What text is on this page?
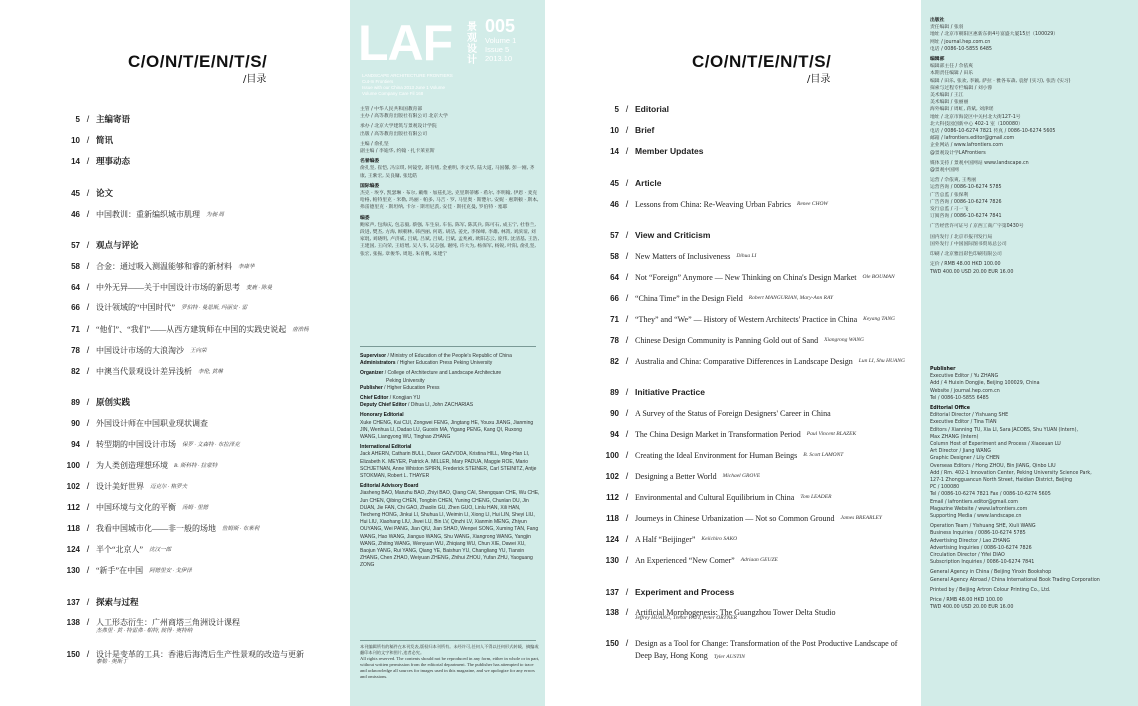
C/O/N/T/E/N/T/S/
/目录
5 / 主编寄语
10 / 简讯
14 / 理事动态
45 / 论文
46 / 中国教训：重新编织城市肌理 为昶·周
57 / 观点与评论
58 / 合金：通过吸入测温能够和睿的新材料 李康华
64 / 中外无异——关于中国设计市场的新思考 麦鹿 · 陈曼
66 / 设计领域的“中国时代” 罗伯特 · 曼恩斯, 玛丽安 · 雷
71 / “他们”、“我们”——从西方建筑师在中国的实践史说起 唐浩杨
78 / 中国设计市场的大浪淘沙 王向荣
82 / 中澳当代景观设计差异浅析 李伦, 黄琳
89 / 原创实践
90 / 外国设计师在中国职业现状调查
94 / 转型期的中国设计市场 保罗 · 文森特 · 布拉泽克
100 / 为人类创造理想环境 B. 斯科特 · 拉蒙特
102 / 设计美好世界 迈克尔 · 格罗夫
112 / 中国环境与文化的平衡 汤姆 · 里德
118 / 我看中国城市化——非一般的场地 詹姆斯 · 布莱利
124 / 半个“北京人” 沈汉一郎
130 / “新手”在中国 阿德里安 · 戈伊泽
137 / 探索与过程
138 / 人工形态衍生：广州商塔三角洲设计课程
150 / 设计是变革的工具：香港后海湾后生产性景观的改造与更新
杰弗里 · 黄 · 特雷弗 · 帕特, 彼得 · 奥特纳
泰勒 · 奥斯丁
LAF 景观设计
005
Volume 1
Issue 5
2013.10
LANDSCAPE ARCHITECTURE FRONTIERS
Cut-In Frontiers
Issue with our China 2013 June 1 Volume
Volume Company Care Fil 168

主管 / 中华人民共和国教育部
主办 / 高等教育出版社有限公司 北京大学

承办 / 北京大学建筑与景观设计学院
出版 / 高等教育出版社有限公司

主编 / 俞孔坚
副主编 / 李迪华, 约翰 · 扎卡莱亚斯

名誉编委
俞孔坚, 崔恺, 冯宗琪, 何镜堂, 蒋有绪, 金重明, 李文华, 陆大道, 马国馨, 彭一刚, 齐康, 王紫宏, 吴良镛, 张廷皓

国际编委
杰克 · 埃亨, 凯瑟琳 · 布尔, 戴维 · 加兹扎达, 克里斯蒂娜 · 希尔, 李明翰, 伊恩 · 麦克哈格, 帕特里克 · 米勒, 玛丽 · 帕多, 马吉 · 罗, 马里奥 · 斯楚尔, 安妮 · 惠斯顿 · 斯本, 弗雷德里克 · 斯坦纳, 卡尔 · 斯坦尼茨, 安佳 · 斯托克曼, 罗伯特 · 塞耶

编委
鲍家声, 包海庆, 包志毅, 蔡强, 车生泉, 车伍, 陈军, 陈其兵, 陈可石, 成玉宁, 杜春兰, 段进, 樊杰, 方海, 顾朝林, 韩西丽, 何昉, 胡洁, 姜允, 李保峰, 李雄, 林箐, 刘滨谊, 刘家琨, 刘晓明, 卢济威, 吕斌, 吕斌, 吕斌, 吕斌, 孟兆祯, 欧阳志云, 庞伟, 沈清基, 王浩, 王建国, 王向荣, 王绍增, 吴人韦, 吴志强, 谢纯, 许大为, 杨保军, 杨锐, 叶阳, 俞孔坚, 张宏, 张振, 章俊华, 周进, 朱育帆, 朱建宁

Supervisor / Ministry of Education of the People's Republic of China
Administrators / Higher Education Press Peking University

Organizer / College of Architecture and Landscape Architecture
Peking University
Publisher / Higher Education Press

Chief Editor / Kongjian YU
Deputy Chief Editor / Dihua LI, John ZACHARIAS

Honorary Editorial
Xuke CHENG, Kai CUI, Zongwei FENG, Jingtang HE, Youxu JIANG, Jianming JIN, Wenhua LI, Dadao LU, Guoxin MA, Yigang PENG, Kang QI, Ruxong WANG, Liangyong WU, Tinghao ZHANG

International Editorial
Jack AHERN, Catharin BULL, Davor GAZVODA, Kristina HILL, Ming-Han LI, Elizabeth K. MEYER, Patrick A. MILLER, Mary PADUA, Maggie ROE, Mario SCHJETNAN, Anne Whiston SPIRN, Frederick STEINER, Carl STEINITZ, Antje STOKMAN, Robert L. THAYER

Editorial Advisory Board
Jiasheng BAO, Manzhu BAO, Zhiyi BAO, Qiang CAI, Shengquan CHE, Wu CHE, Jun CHEN, Qibing CHEN, Tongbin CHEN, Yuning CHENG, Chunlan DU, Jin DUAN, Jie FAN, Chi GAO, Zhaolin GU, Zhen GUO, Linlu HAN, Xili HAN, Tiecheng HONG, Jinkui LI, Shuhua LI, Weimin LI, Xiong LI, Hui LIN, Sheyi LIU, Hui LIU, Xiaohang LIU, Jiwei LU, Bin LV, Qinzhi LV, Xianmin MENG, Zhiyun OUYANG, Wei PANG, Jian QIU, Jian SHAO, Wenpei SONG, Xuming TAN, Fang WANG, Hao WANG, Jianguo WANG, Shu WANG, Xiangrong WANG, Yangjin WANG, Zhiting WANG, Wenyuan WU, Zhiqiang WU, Chun XIE, Dawei XU, Baojun YANG, Rui YANG, Qiang YE, Baishun YU, Changliang YU, Tianxin ZHANG, Chen ZHAO, Weiyuan ZHENG, Zhihui ZHOU, Yufan ZHU, Yaoguang ZONG

本刊编辑所有的稿件在本刊发表,版权归本刊所有。未经许可,任何人不得以任何形式转载、摘编或翻印本刊的文字和图片,违者必究。
All rights reserved. The contents should not be reproduced in any form, either in whole or in part, without written permission from the editorial department. The publisher has attempted to trace and acknowledge all sources for images used in this magazine, and we apologize for any errors and omissions.
C/O/N/T/E/N/T/S/
/目录
5 / Editorial
10 / Brief
14 / Member Updates
45 / Article
46 / Lessons from China: Re-Weaving Urban Fabrics Renee CHOW
57 / View and Criticism
58 / New Matters of Inclusiveness Dihua LI
64 / Not “Foreign” Anymore — New Thinking on China's Design Market Ole BOUMAN
66 / “China Time” in the Design Field Robert MANGURIAN, Mary-Ann RAY
71 / “They” and “We” — History of Western Architects' Practice in China Keyang TANG
78 / Chinese Design Community is Panning Gold out of Sand Xiangrong WANG
82 / Australia and China: Comparative Differences in Landscape Design Lun LI, Shu HUANG
89 / Initiative Practice
90 / A Survey of the Status of Foreign Designers' Career in China
94 / The China Design Market in Transformation Period Paul Vincent BLAZEK
100 / Creating the Ideal Environment for Human Beings B. Scott LAMONT
102 / Designing a Better World Michael GROVE
112 / Environmental and Cultural Equilibrium in China Tom LEADER
118 / Journeys in Chinese Urbanization — Not so Common Ground James BREARLEY
124 / A Half “Beijinger” Keiichiro SAKO
130 / An Experienced “New Comer” Adriaan GEUZE
137 / Experiment and Process
138 / Artificial Morphogenesis: The Guangzhou Tower Delta Studio
150 / Design as a Tool for Change: Transformation of the Post Productive Landscape of
Jeffrey HUANG, Trevor PATT, Peter ORTNER
Deep Bay, Hong Kong Tyler AUSTIN

出版社
责任编辑 / 张羽
地址 / 北京市朝阳区惠新东街4号富盛大厦15层（100029）
网址 / journal.hep.com.cn
电话 / 0086-10-5855 6485

编辑部
编辑部主任 / 佘依爽
本期责任编辑 / 田乐
编辑 / 田乐, 张欢, 李颖, 萨拉 · 雅各布森, 袁舒 (实习), 张浩 (实习)
探索与过程专栏编辑 / 刘小蓉
美术编辑 / 王江
美术编辑 / 张丽丽
海外编辑 / 周虹, 蒋斌, 刘津瑶
地址 / 北京市海淀区中关村北大街127-1号
北大科技园创新中心 402-1 室（100080）
电话 / 0086-10-6274 7821 传真 / 0086-10-6274 5605
邮箱 / lafrontiers.editor@gmail.com
企业网站 / www.lafrontiers.com
@景观设计学LAFrontiers

媒体支持 / 景观中国网站 www.landscape.cn
@景观中国网

运营 / 佘依爽, 王秀丽
运营咨询 / 0086-10-6274 5785
广告总监 / 张保利
广告咨询 / 0086-10-6274 7826
发行总监 / 刁一飞
订阅咨询 / 0086-10-6274 7841

广告经营许可证号 / 京西工商广字第0430号

国内发行 / 北京市报刊发行局
国外发行 / 中国国际图书贸易总公司

印刷 / 北京雅昌彩色印刷有限公司

定价 / RMB 48.00 HKD 100.00
TWD 400.00 USD 20.00 EUR 16.00

Publisher
Executive Editor / Yu ZHANG
Add / 4 Huixin Dongjie, Beijing 100029, China
Website / journal.hep.com.cn
Tel / 0086-10-5855 6485

Editorial Office
Editorial Director / Yishuang SHE
Executive Editor / Tina TIAN
Editors / Xianning TU, Xia LI, Sara JACOBS, Shu YUAN (Intern),
Max ZHANG (Intern)
Column Host of Experiment and Process / Xiaoxuan LU
Art Director / Jiang WANG
Graphic Designer / Lily CHEN
Overseas Editors / Hong ZHOU, Bin JIANG, Qinbo LIU
Add / Rm. 402-1 Innovation Center, Peking University Science Park,
127-1 Zhongguancun North Street, Haidian District, Beijing
PC / 100080
Tel / 0086-10-6274 7821 Fax / 0086-10-6274 5605
Email / lafrontiers.editor@gmail.com
Magazine Website / www.lafrontiers.com
Supporting Media / www.landscape.cn

Operation Team / Yishuang SHE, Xiuli WANG
Business Inquiries / 0086-10-6274 5785
Advertising Director / Lao ZHANG
Advertising Inquiries / 0086-10-6274 7826
Circulation Director / Yifei DIAO
Subscription Inquiries / 0086-10-6274 7841

General Agency in China / Beijing Yinxin Bookshop
General Agency Abroad / China International Book Trading Corporation

Printed by / Beijing Artron Colour Printing Co., Ltd.

Price / RMB 48.00 HKD 100.00
TWD 400.00 USD 20.00 EUR 16.00
